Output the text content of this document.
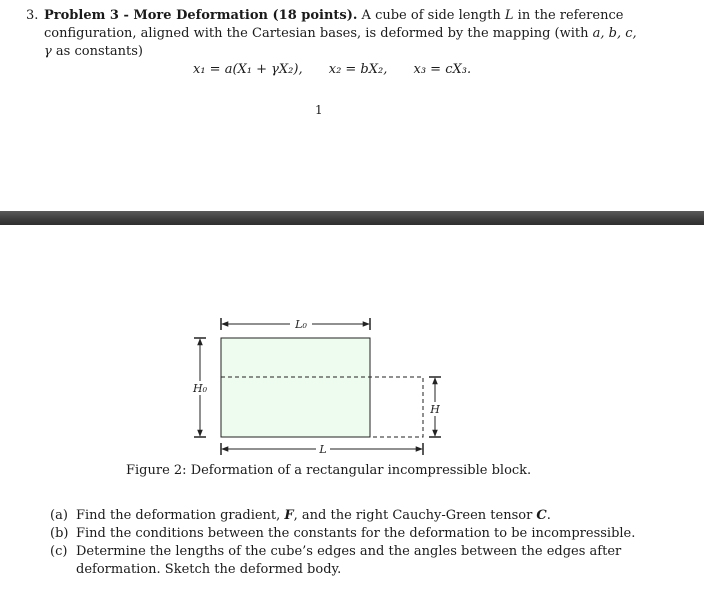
3. Problem 3 - More Deformation (18 points). A cube of side length L in the reference configuration, aligned with the Cartesian bases, is deformed by the mapping (with a, b, c, γ as constants)
x₁ = a(X₁ + γX₂), x₂ = bX₂, x₃ = cX₃.
1
L₀
L
H₀
H
Figure 2: Deformation of a rectangular incompressible block.

(a) Find the deformation gradient, F, and the right Cauchy-Green tensor C.

(b) Find the conditions between the constants for the deformation to be incompressible.

(c) Determine the lengths of the cube’s edges and the angles between the edges after deformation. Sketch the deformed body.
